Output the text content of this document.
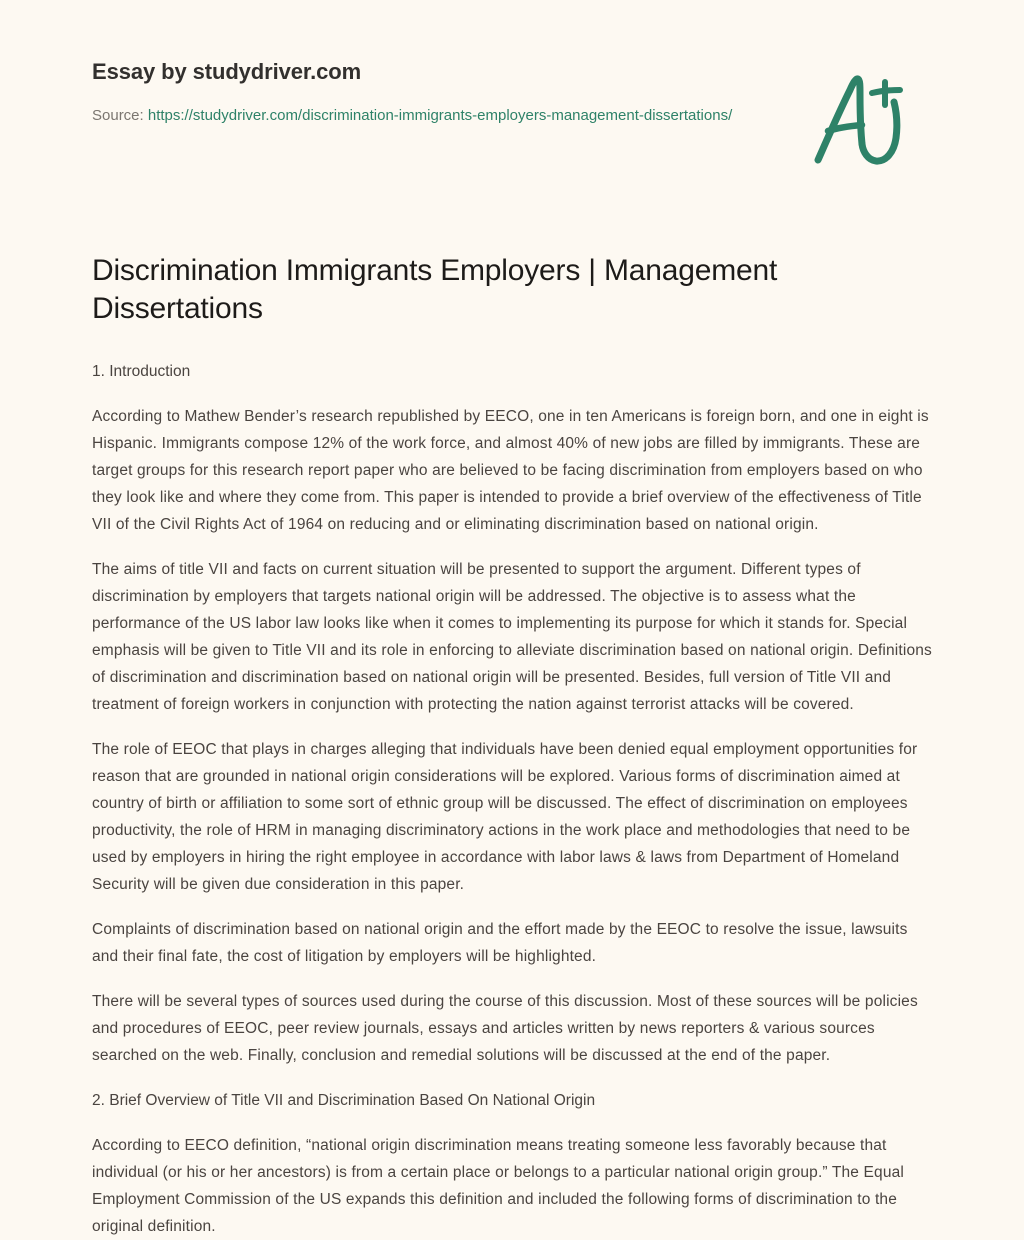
Essay by studydriver.com
Source: https://studydriver.com/discrimination-immigrants-employers-management-dissertations/
Discrimination Immigrants Employers | Management Dissertations

1. Introduction

According to Mathew Bender’s research republished by EECO, one in ten Americans is foreign born, and one in eight is Hispanic. Immigrants compose 12% of the work force, and almost 40% of new jobs are filled by immigrants. These are target groups for this research report paper who are believed to be facing discrimination from employers based on who they look like and where they come from. This paper is intended to provide a brief overview of the effectiveness of Title VII of the Civil Rights Act of 1964 on reducing and or eliminating discrimination based on national origin.

The aims of title VII and facts on current situation will be presented to support the argument. Different types of discrimination by employers that targets national origin will be addressed. The objective is to assess what the performance of the US labor law looks like when it comes to implementing its purpose for which it stands for. Special emphasis will be given to Title VII and its role in enforcing to alleviate discrimination based on national origin. Definitions of discrimination and discrimination based on national origin will be presented. Besides, full version of Title VII and treatment of foreign workers in conjunction with protecting the nation against terrorist attacks will be covered.

The role of EEOC that plays in charges alleging that individuals have been denied equal employment opportunities for reason that are grounded in national origin considerations will be explored. Various forms of discrimination aimed at country of birth or affiliation to some sort of ethnic group will be discussed. The effect of discrimination on employees productivity, the role of HRM in managing discriminatory actions in the work place and methodologies that need to be used by employers in hiring the right employee in accordance with labor laws & laws from Department of Homeland Security will be given due consideration in this paper.

Complaints of discrimination based on national origin and the effort made by the EEOC to resolve the issue, lawsuits and their final fate, the cost of litigation by employers will be highlighted.

There will be several types of sources used during the course of this discussion. Most of these sources will be policies and procedures of EEOC, peer review journals, essays and articles written by news reporters & various sources searched on the web. Finally, conclusion and remedial solutions will be discussed at the end of the paper.

2. Brief Overview of Title VII and Discrimination Based On National Origin

According to EECO definition, “national origin discrimination means treating someone less favorably because that individual (or his or her ancestors) is from a certain place or belongs to a particular national origin group.” The Equal Employment Commission of the US expands this definition and included the following forms of discrimination to the original definition.
